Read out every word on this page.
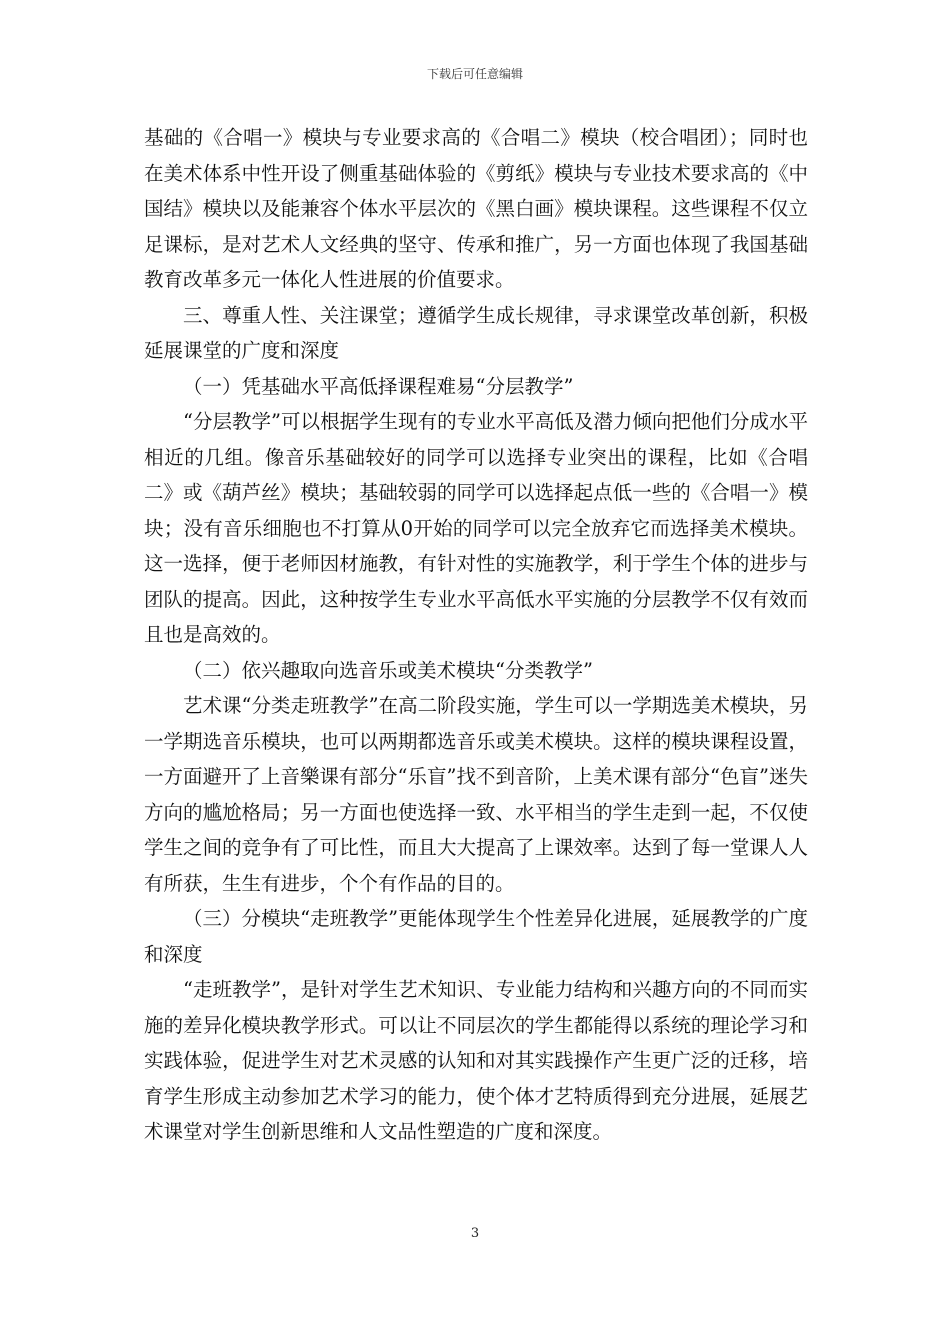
下载后可任意编辑

基础的《合唱一》模块与专业要求高的《合唱二》模块（校合唱团）；同时也在美术体系中性开设了侧重基础体验的《剪纸》模块与专业技术要求高的《中国结》模块以及能兼容个体水平层次的《黑白画》模块课程。这些课程不仅立足课标，是对艺术人文经典的坚守、传承和推广，另一方面也体现了我国基础教育改革多元一体化人性进展的价值要求。

三、尊重人性、关注课堂；遵循学生成长规律，寻求课堂改革创新，积极延展课堂的广度和深度

（一）凭基础水平高低择课程难易“分层教学”

“分层教学”可以根据学生现有的专业水平高低及潜力倾向把他们分成水平相近的几组。像音乐基础较好的同学可以选择专业突出的课程，比如《合唱二》或《葫芦丝》模块；基础较弱的同学可以选择起点低一些的《合唱一》模块；没有音乐细胞也不打算从0开始的同学可以完全放弃它而选择美术模块。这一选择，便于老师因材施教，有针对性的实施教学，利于学生个体的进步与团队的提高。因此，这种按学生专业水平高低水平实施的分层教学不仅有效而且也是高效的。

（二）依兴趣取向选音乐或美术模块“分类教学”

艺术课“分类走班教学”在高二阶段实施，学生可以一学期选美术模块，另一学期选音乐模块，也可以两期都选音乐或美术模块。这样的模块课程设置，一方面避开了上音樂课有部分“乐盲”找不到音阶，上美术课有部分“色盲”迷失方向的尴尬格局；另一方面也使选择一致、水平相当的学生走到一起，不仅使学生之间的竞争有了可比性，而且大大提高了上课效率。达到了每一堂课人人有所获，生生有进步，个个有作品的目的。

（三）分模块“走班教学”更能体现学生个性差异化进展，延展教学的广度和深度

“走班教学”，是针对学生艺术知识、专业能力结构和兴趣方向的不同而实施的差异化模块教学形式。可以让不同层次的学生都能得以系统的理论学习和实践体验，促进学生对艺术灵感的认知和对其实践操作产生更广泛的迁移，培育学生形成主动参加艺术学习的能力，使个体才艺特质得到充分进展，延展艺术课堂对学生创新思维和人文品性塑造的广度和深度。

3
